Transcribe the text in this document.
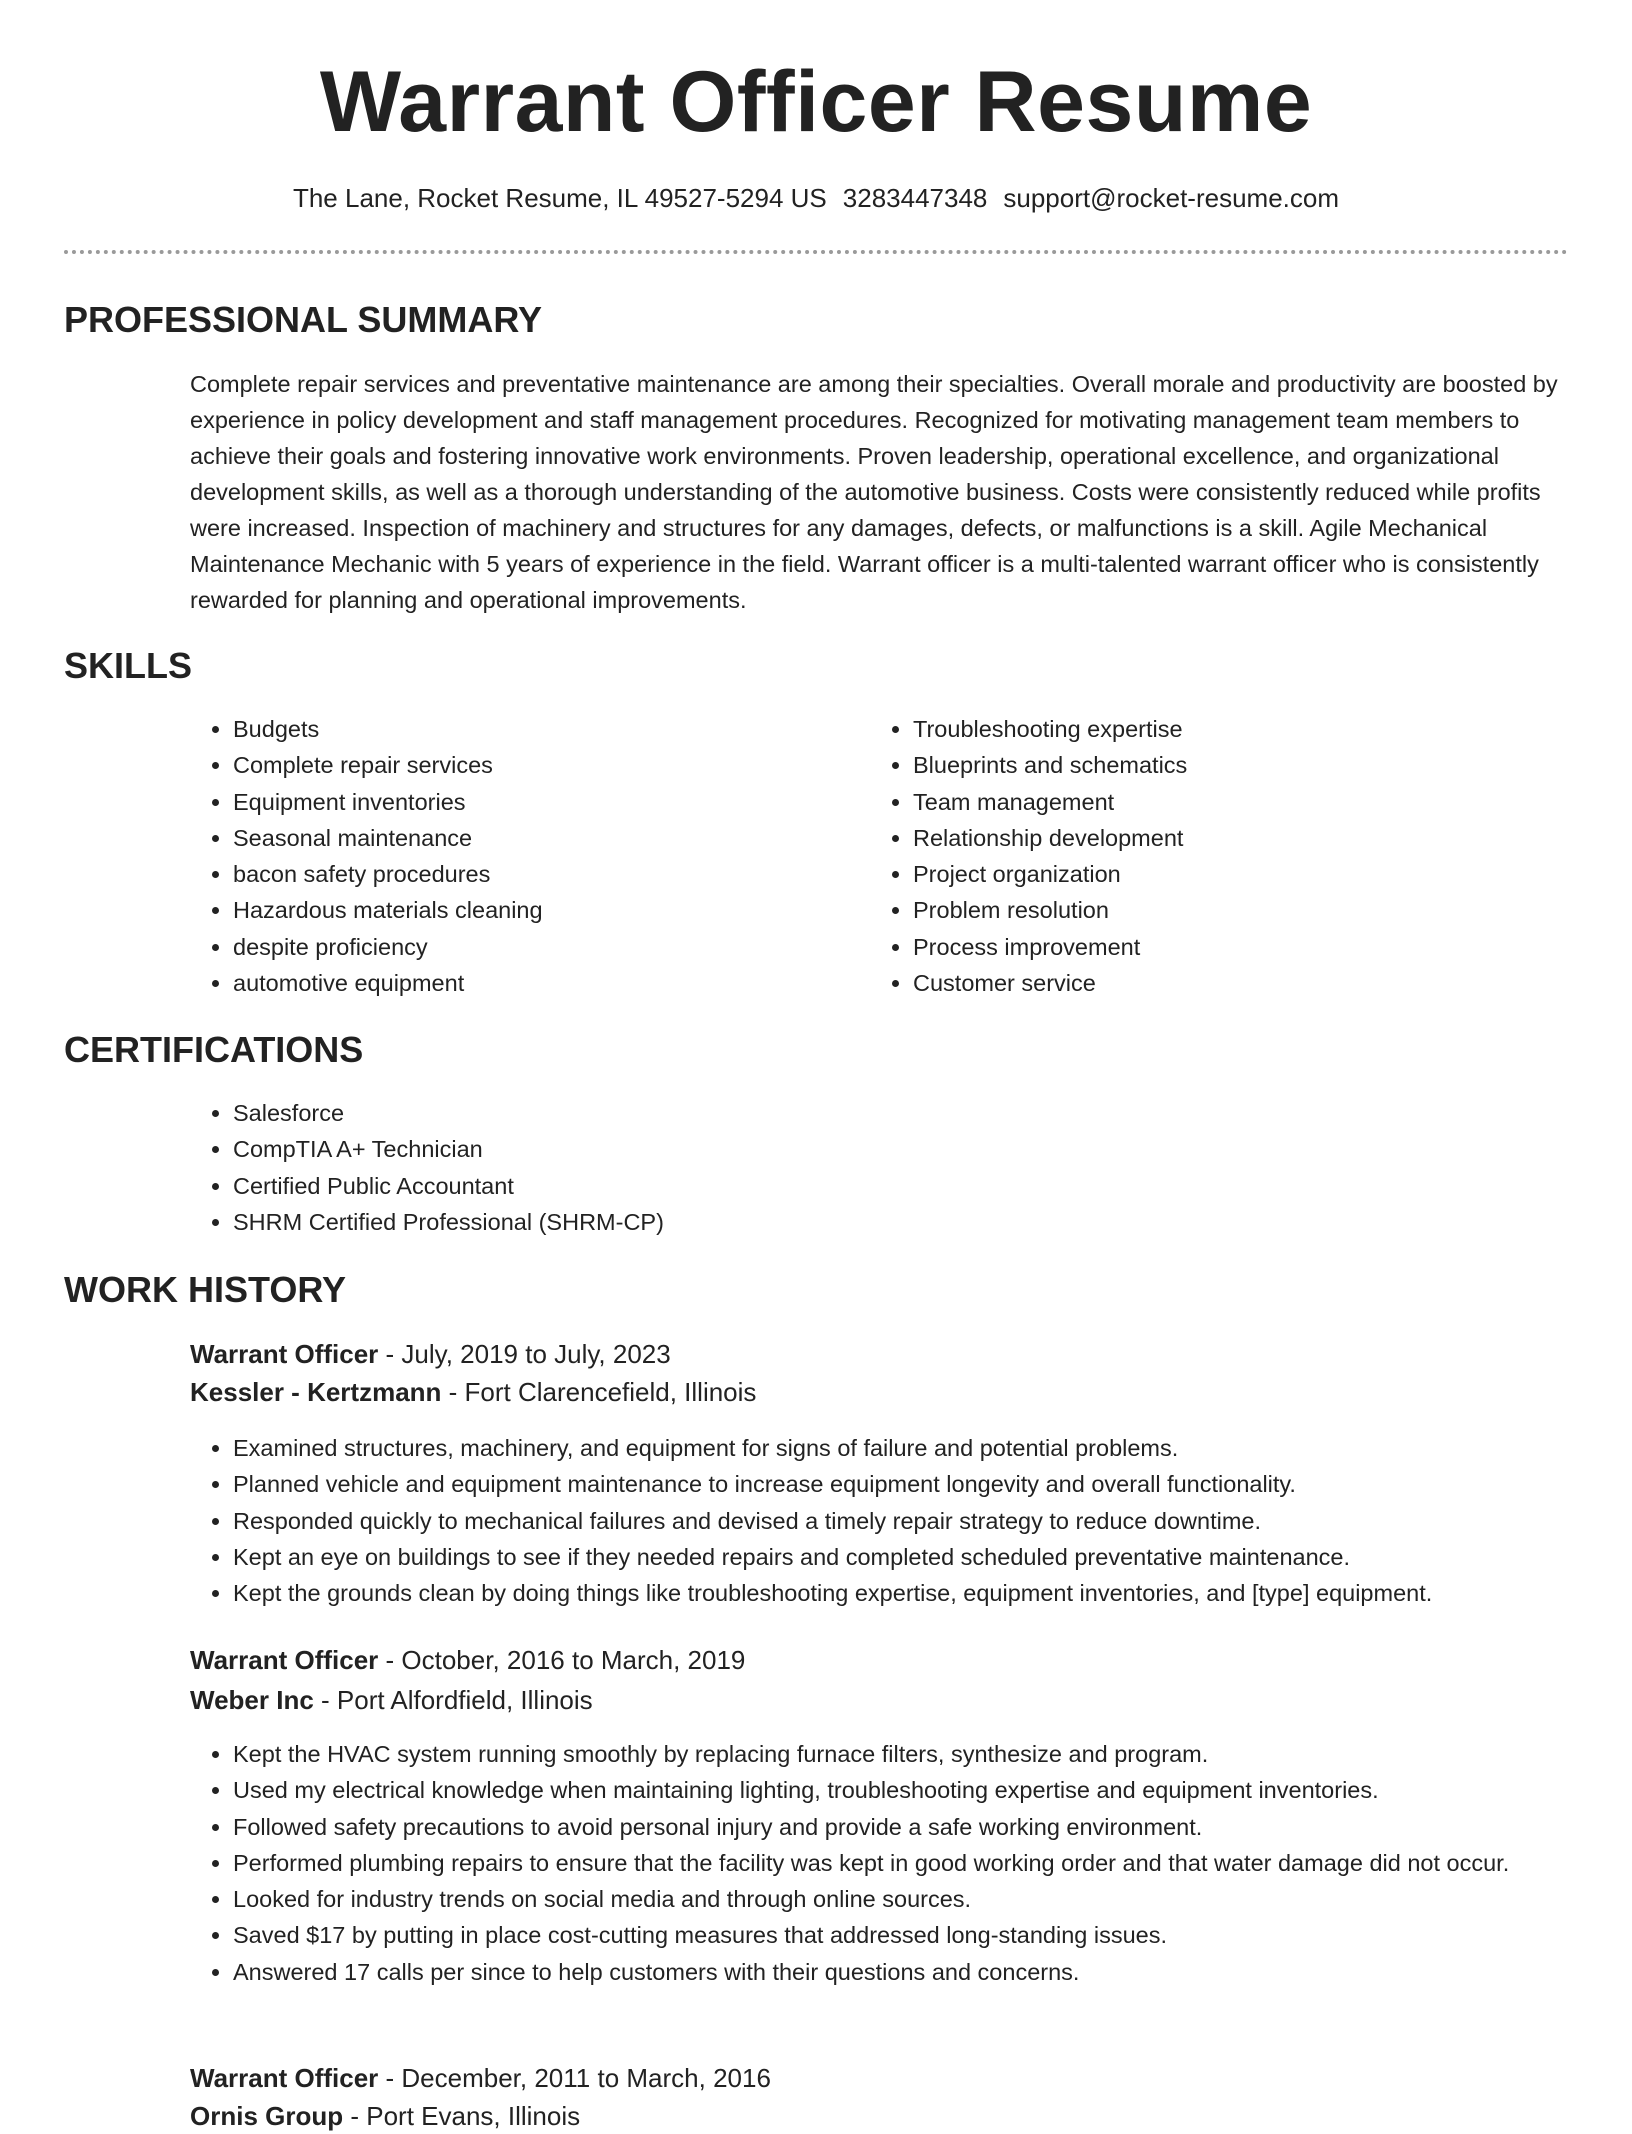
Warrant Officer Resume
The Lane, Rocket Resume, IL 49527-5294 US 3283447348 support@rocket-resume.com
PROFESSIONAL SUMMARY

Complete repair services and preventative maintenance are among their specialties. Overall morale and productivity are boosted by experience in policy development and staff management procedures. Recognized for motivating management team members to achieve their goals and fostering innovative work environments. Proven leadership, operational excellence, and organizational development skills, as well as a thorough understanding of the automotive business. Costs were consistently reduced while profits were increased. Inspection of machinery and structures for any damages, defects, or malfunctions is a skill. Agile Mechanical Maintenance Mechanic with 5 years of experience in the field. Warrant officer is a multi-talented warrant officer who is consistently rewarded for planning and operational improvements.

SKILLS
• Budgets
• Complete repair services
• Equipment inventories
• Seasonal maintenance
• bacon safety procedures
• Hazardous materials cleaning
• despite proficiency
• automotive equipment
• Troubleshooting expertise
• Blueprints and schematics
• Team management
• Relationship development
• Project organization
• Problem resolution
• Process improvement
• Customer service
CERTIFICATIONS
• Salesforce
• CompTIA A+ Technician
• Certified Public Accountant
• SHRM Certified Professional (SHRM-CP)
WORK HISTORY
Warrant Officer - July, 2019 to July, 2023
Kessler - Kertzmann - Fort Clarencefield, Illinois
• Examined structures, machinery, and equipment for signs of failure and potential problems.
• Planned vehicle and equipment maintenance to increase equipment longevity and overall functionality.
• Responded quickly to mechanical failures and devised a timely repair strategy to reduce downtime.
• Kept an eye on buildings to see if they needed repairs and completed scheduled preventative maintenance.
• Kept the grounds clean by doing things like troubleshooting expertise, equipment inventories, and [type] equipment.
Warrant Officer - October, 2016 to March, 2019
Weber Inc - Port Alfordfield, Illinois
• Kept the HVAC system running smoothly by replacing furnace filters, synthesize and program.
• Used my electrical knowledge when maintaining lighting, troubleshooting expertise and equipment inventories.
• Followed safety precautions to avoid personal injury and provide a safe working environment.
• Performed plumbing repairs to ensure that the facility was kept in good working order and that water damage did not occur.
• Looked for industry trends on social media and through online sources.
• Saved $17 by putting in place cost-cutting measures that addressed long-standing issues.
• Answered 17 calls per since to help customers with their questions and concerns.
Warrant Officer - December, 2011 to March, 2016
Ornis Group - Port Evans, Illinois
